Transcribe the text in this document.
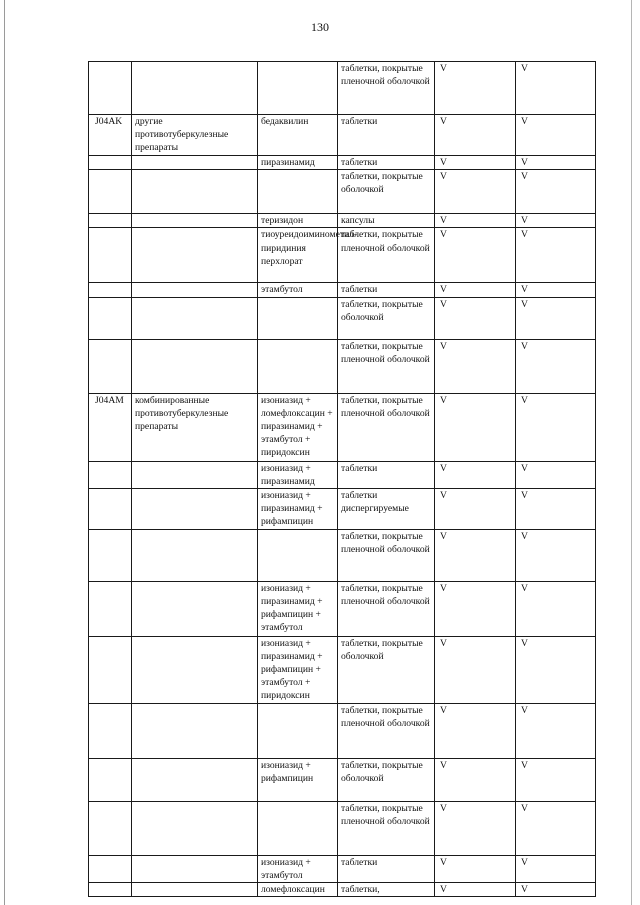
130
			таблетки, покрытые пленочной оболочкой	V	V
J04AK	другие противотуберкулезные препараты	бедаквилин	таблетки	V	V
		пиразинамид	таблетки	V	V
			таблетки, покрытые оболочкой	V	V
		теризидон	капсулы	V	V
		тиоуреидоиминометил-пиридиния перхлорат	таблетки, покрытые пленочной оболочкой	V	V
		этамбутол	таблетки	V	V
			таблетки, покрытые оболочкой	V	V
			таблетки, покрытые пленочной оболочкой	V	V
J04AM	комбинированные противотуберкулезные препараты	изониазид + ломефлоксацин + пиразинамид + этамбутол + пиридоксин	таблетки, покрытые пленочной оболочкой	V	V
		изониазид + пиразинамид	таблетки	V	V
		изониазид + пиразинамид + рифампицин	таблетки диспергируемые	V	V
			таблетки, покрытые пленочной оболочкой	V	V
		изониазид + пиразинамид + рифампицин + этамбутол	таблетки, покрытые пленочной оболочкой	V	V
		изониазид + пиразинамид + рифампицин + этамбутол + пиридоксин	таблетки, покрытые оболочкой	V	V
			таблетки, покрытые пленочной оболочкой	V	V
		изониазид + рифампицин	таблетки, покрытые оболочкой	V	V
			таблетки, покрытые пленочной оболочкой	V	V
		изониазид + этамбутол	таблетки	V	V
		ломефлоксацин	таблетки,	V	V
